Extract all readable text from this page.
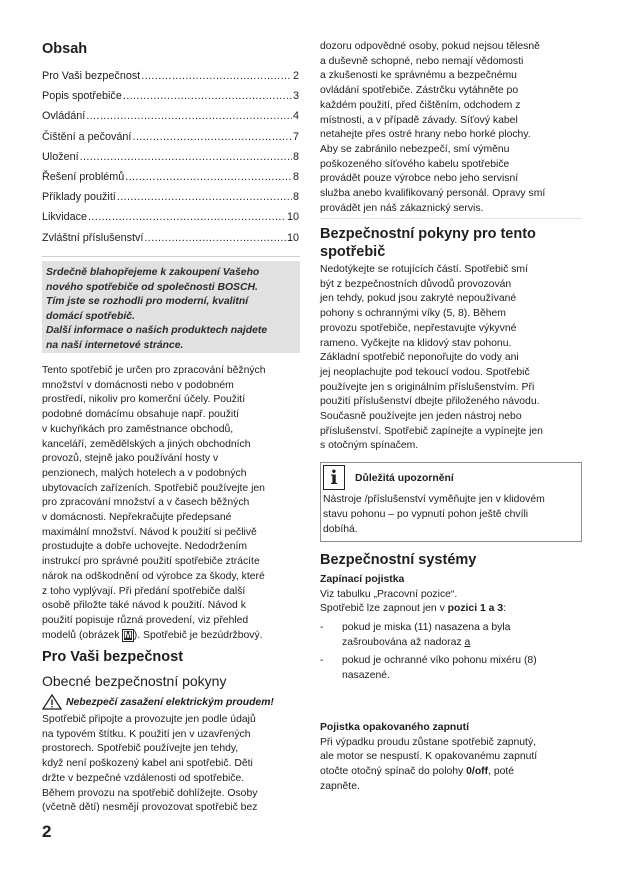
Obsah
Pro Vaši bezpečnost .....	2
Popis spotřebiče .....	3
Ovládání .....	4
Čištění a pečování .....	7
Uložení .....	8
Řešení problémů .....	8
Příklady použití .....	8
Likvidace .....	10
Zvláštní příslušenství .....	10
Srdečně blahopřejeme k zakoupení Vašeho
nového spotřebiče od společnosti BOSCH.
Tím jste se rozhodli pro moderní, kvalitní
domácí spotřebič.
Další informace o našich produktech najdete
na naší internetové stránce.
Tento spotřebič je určen pro zpracování běžných
množství v domácnosti nebo v podobném
prostředí, nikoliv pro komerční účely. Použití
podobné domácímu obsahuje např. použití
v kuchyňkách pro zaměstnance obchodů,
kanceláří, zemědělských a jiných obchodních
provozů, stejně jako používání hosty v
penzionech, malých hotelech a v podobných
ubytovacích zařízeních. Spotřebič používejte jen
pro zpracování množství a v časech běžných
v domácnosti. Nepřekračujte předepsané
maximální množství. Návod k použití si pečlivě
prostudujte a dobře uchovejte. Nedodržením
instrukcí pro správné použití spotřebiče ztrácíte
nárok na odškodnění od výrobce za škody, které
z toho vyplývají. Při předání spotřebiče další
osobě přiložte také návod k použití. Návod k
použití popisuje různá provedení, viz přehled
modelů (obrázek M ). Spotřebič je bezúdržbový.
Pro Vaši bezpečnost
Obecné bezpečnostní pokyny
Nebezpečí zasažení elektrickým proudem!
Spotřebič připojte a provozujte jen podle údajů
na typovém štítku. K použití jen v uzavřených
prostorech. Spotřebič používejte jen tehdy,
když není poškozený kabel ani spotřebič. Děti
držte v bezpečné vzdálenosti od spotřebiče.
Během provozu na spotřebič dohlížejte. Osoby
(včetně dětí) nesmějí provozovat spotřebič bez
2
dozoru odpovědné osoby, pokud nejsou tělesně
a duševně schopné, nebo nemají vědomosti
a zkušenosti ke správnému a bezpečnému
ovládání spotřebiče. Zástrčku vytáhněte po
každém použití, před čištěním, odchodem z
místnosti, a v případě závady. Síťový kabel
netahejte přes ostré hrany nebo horké plochy.
Aby se zabránilo nebezpečí, smí výměnu
poškozeného síťového kabelu spotřebiče
provádět pouze výrobce nebo jeho servisní
služba anebo kvalifikovaný personál. Opravy smí
provádět jen náš zákaznický servis.
Bezpečnostní pokyny pro tento
spotřebič
Nedotýkejte se rotujících částí. Spotřebič smí
být z bezpečnostních důvodů provozován
jen tehdy, pokud jsou zakryté nepoužívané
pohony s ochrannými víky (5, 8). Během
provozu spotřebiče, nepřestavujte výkyvné
rameno. Vyčkejte na klidový stav pohonu.
Základní spotřebič neponořujte do vody ani
jej neoplachujte pod tekoucí vodou. Spotřebič
používejte jen s originálním příslušenstvím. Při
použití příslušenství dbejte přiloženého návodu.
Současně používejte jen jeden nástroj nebo
příslušenství. Spotřebič zapínejte a vypínejte jen
s otočným spínačem.
i	Důležitá upozornění
Nástroje /příslušenství vyměňujte jen v klidovém
stavu pohonu – po vypnutí pohon ještě chvíli
dobíhá.
Bezpečnostní systémy
Zapínací pojistka
Viz tabulku „Pracovní pozice“.
Spotřebič lze zapnout jen v pozici 1 a 3:
-	pokud je miska (11) nasazena a byla
zašroubována až nadoraz a
-	pokud je ochranné víko pohonu mixéru (8)
nasazené.
Pojistka opakovaného zapnutí
Při výpadku proudu zůstane spotřebič zapnutý,
ale motor se nespustí. K opakovanému zapnutí
otočte otočný spínač do polohy 0/off, poté
zapněte.
